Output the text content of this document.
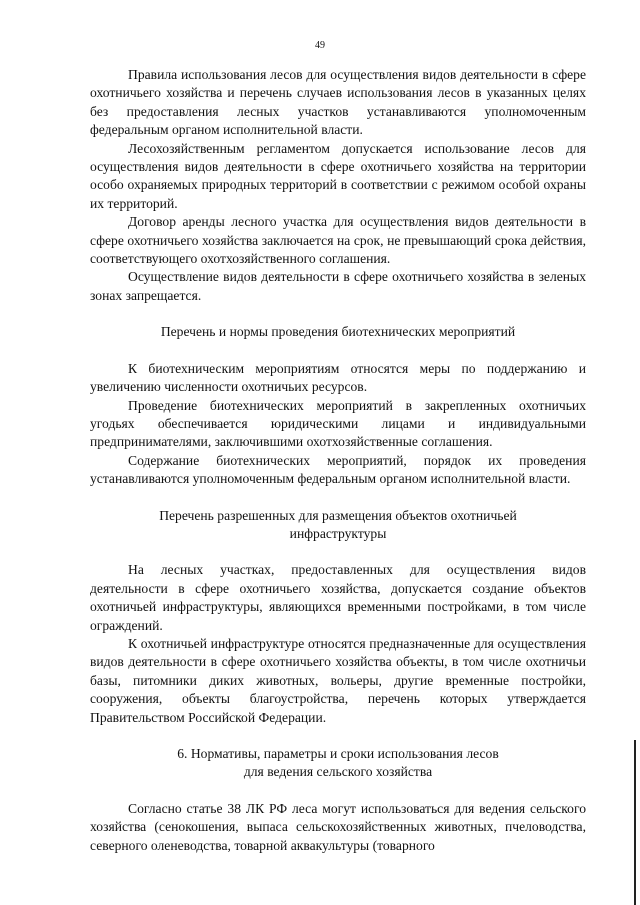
49

Правила использования лесов для осуществления видов деятельности в сфере охотничьего хозяйства и перечень случаев использования лесов в указанных целях без предоставления лесных участков устанавливаются уполномоченным федеральным органом исполнительной власти.

Лесохозяйственным регламентом допускается использование лесов для осуществления видов деятельности в сфере охотничьего хозяйства на территории особо охраняемых природных территорий в соответствии с режимом особой охраны их территорий.

Договор аренды лесного участка для осуществления видов деятельности в сфере охотничьего хозяйства заключается на срок, не превышающий срока действия, соответствующего охотхозяйственного соглашения.

Осуществление видов деятельности в сфере охотничьего хозяйства в зеленых зонах запрещается.

Перечень и нормы проведения биотехнических мероприятий

К биотехническим мероприятиям относятся меры по поддержанию и увеличению численности охотничьих ресурсов.

Проведение биотехнических мероприятий в закрепленных охотничьих угодьях обеспечивается юридическими лицами и индивидуальными предпринимателями, заключившими охотхозяйственные соглашения.

Содержание биотехнических мероприятий, порядок их проведения устанавливаются уполномоченным федеральным органом исполнительной власти.

Перечень разрешенных для размещения объектов охотничьей
инфраструктуры

На лесных участках, предоставленных для осуществления видов деятельности в сфере охотничьего хозяйства, допускается создание объектов охотничьей инфраструктуры, являющихся временными постройками, в том числе ограждений.

К охотничьей инфраструктуре относятся предназначенные для осуществления видов деятельности в сфере охотничьего хозяйства объекты, в том числе охотничьи базы, питомники диких животных, вольеры, другие временные постройки, сооружения, объекты благоустройства, перечень которых утверждается Правительством Российской Федерации.

6. Нормативы, параметры и сроки использования лесов
для ведения сельского хозяйства

Согласно статье 38 ЛК РФ леса могут использоваться для ведения сельского хозяйства (сенокошения, выпаса сельскохозяйственных животных, пчеловодства, северного оленеводства, товарной аквакультуры (товарного
